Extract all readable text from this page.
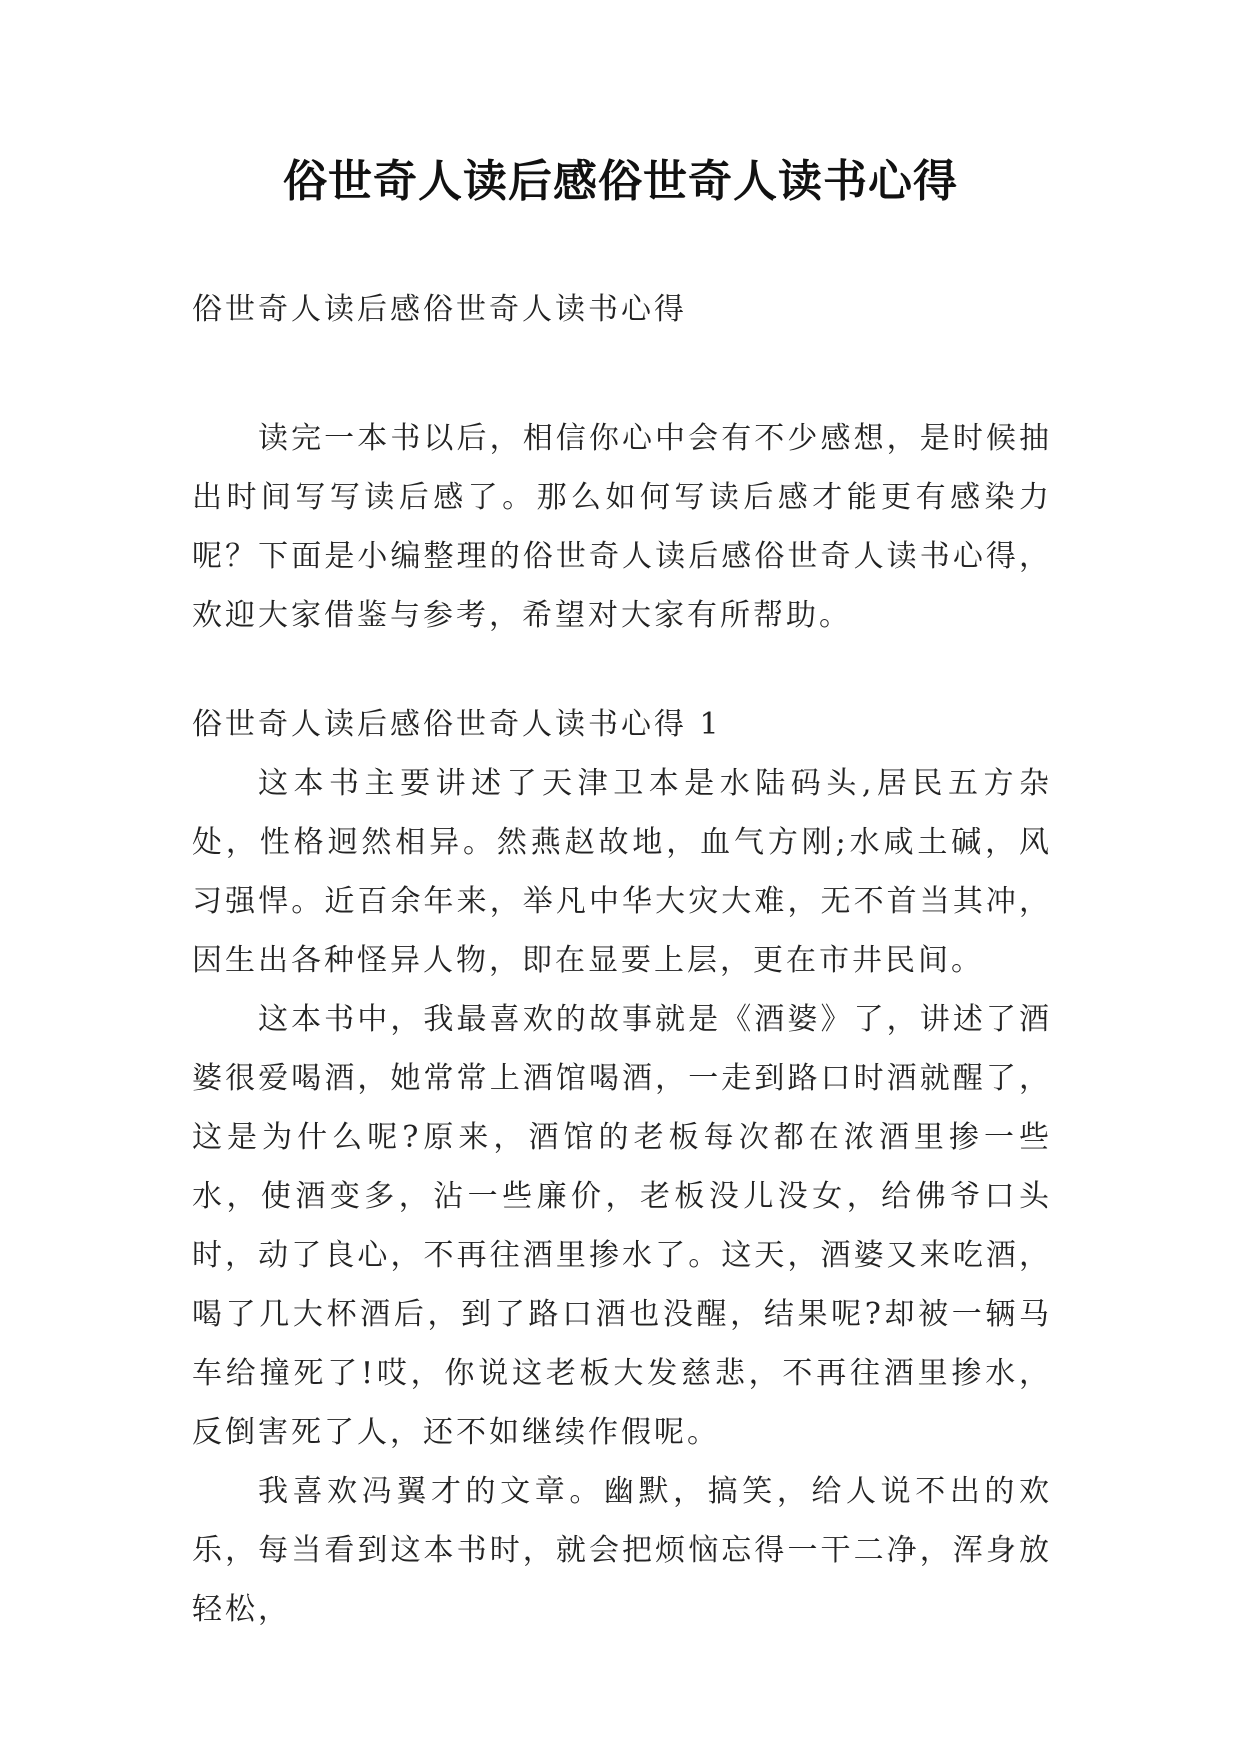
俗世奇人读后感俗世奇人读书心得
俗世奇人读后感俗世奇人读书心得

读完一本书以后，相信你心中会有不少感想，是时候抽出时间写写读后感了。那么如何写读后感才能更有感染力呢？下面是小编整理的俗世奇人读后感俗世奇人读书心得，欢迎大家借鉴与参考，希望对大家有所帮助。

俗世奇人读后感俗世奇人读书心得 1

这本书主要讲述了天津卫本是水陆码头,居民五方杂处，性格迥然相异。然燕赵故地，血气方刚;水咸土碱，风习强悍。近百余年来，举凡中华大灾大难，无不首当其冲，因生出各种怪异人物，即在显要上层，更在市井民间。

这本书中，我最喜欢的故事就是《酒婆》了，讲述了酒婆很爱喝酒，她常常上酒馆喝酒，一走到路口时酒就醒了，这是为什么呢?原来，酒馆的老板每次都在浓酒里掺一些水，使酒变多，沾一些廉价，老板没儿没女，给佛爷口头时，动了良心，不再往酒里掺水了。这天，酒婆又来吃酒，喝了几大杯酒后，到了路口酒也没醒，结果呢?却被一辆马车给撞死了!哎，你说这老板大发慈悲，不再往酒里掺水，反倒害死了人，还不如继续作假呢。

我喜欢冯翼才的文章。幽默，搞笑，给人说不出的欢乐，每当看到这本书时，就会把烦恼忘得一干二净，浑身放轻松，
